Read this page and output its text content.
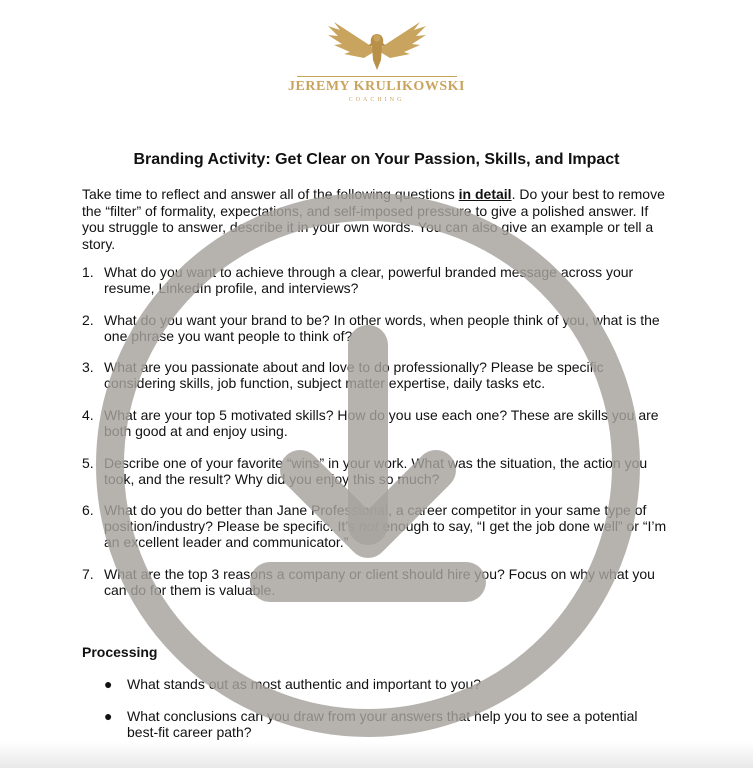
JEREMY KRULIKOWSKI
COACHING
Branding Activity: Get Clear on Your Passion, Skills, and Impact
Take time to reflect and answer all of the following questions in detail. Do your best to remove the “filter” of formality, expectations, and self-imposed pressure to give a polished answer. If you struggle to answer, describe it in your own words. You can also give an example or tell a story.
1. What do you want to achieve through a clear, powerful branded message across your resume, LinkedIn profile, and interviews?
2. What do you want your brand to be? In other words, when people think of you, what is the one phrase you want people to think of?
3. What are you passionate about and love to do professionally? Please be specific considering skills, job function, subject matter expertise, daily tasks etc.
4. What are your top 5 motivated skills? How do you use each one? These are skills you are both good at and enjoy using.
5. Describe one of your favorite “wins” in your work. What was the situation, the action you took, and the result? Why did you enjoy this so much?
6. What do you do better than Jane Professional, a career competitor in your same type of position/industry? Please be specific. It’s not enough to say, “I get the job done well” or “I’m an excellent leader and communicator.”
7. What are the top 3 reasons a company or client should hire you? Focus on why what you can do for them is valuable.
Processing
● What stands out as most authentic and important to you?
● What conclusions can you draw from your answers that help you to see a potential best-fit career path?
